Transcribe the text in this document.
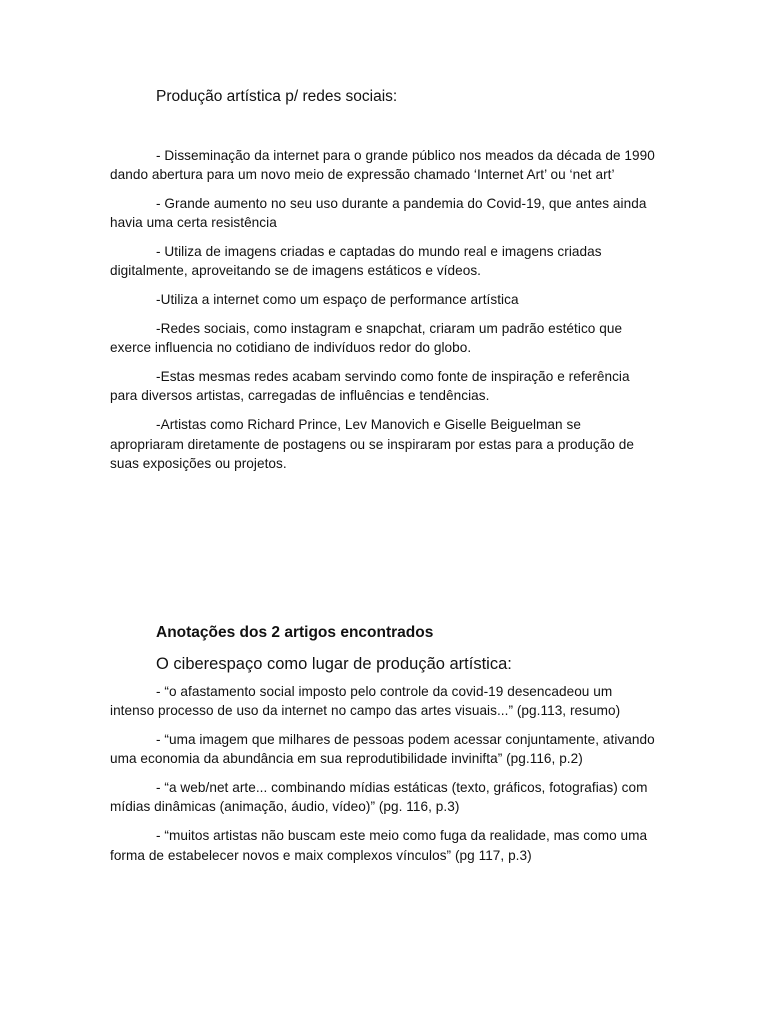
Produção artística p/ redes sociais:

- Disseminação da internet para o grande público nos meados da década de 1990 dando abertura para um novo meio de expressão chamado ‘Internet Art’ ou ‘net art’

- Grande aumento no seu uso durante a pandemia do Covid-19, que antes ainda havia uma certa resistência

- Utiliza de imagens criadas e captadas do mundo real e imagens criadas digitalmente, aproveitando se de imagens estáticos e vídeos.

-Utiliza a internet como um espaço de performance artística

-Redes sociais, como instagram e snapchat, criaram um padrão estético que exerce influencia no cotidiano de indivíduos redor do globo.

-Estas mesmas redes acabam servindo como fonte de inspiração e referência para diversos artistas, carregadas de influências e tendências.

-Artistas como Richard Prince, Lev Manovich e Giselle Beiguelman se apropriaram diretamente de postagens ou se inspiraram por estas para a produção de suas exposições ou projetos.

Anotações dos 2 artigos encontrados
O ciberespaço como lugar de produção artística:

- “o afastamento social imposto pelo controle da covid-19 desencadeou um intenso processo de uso da internet no campo das artes visuais...” (pg.113, resumo)

- “uma imagem que milhares de pessoas podem acessar conjuntamente, ativando uma economia da abundância em sua reprodutibilidade invinifta” (pg.116, p.2)

- “a web/net arte... combinando mídias estáticas (texto, gráficos, fotografias) com mídias dinâmicas (animação, áudio, vídeo)” (pg. 116, p.3)

- “muitos artistas não buscam este meio como fuga da realidade, mas como uma forma de estabelecer novos e maix complexos vínculos” (pg 117, p.3)
